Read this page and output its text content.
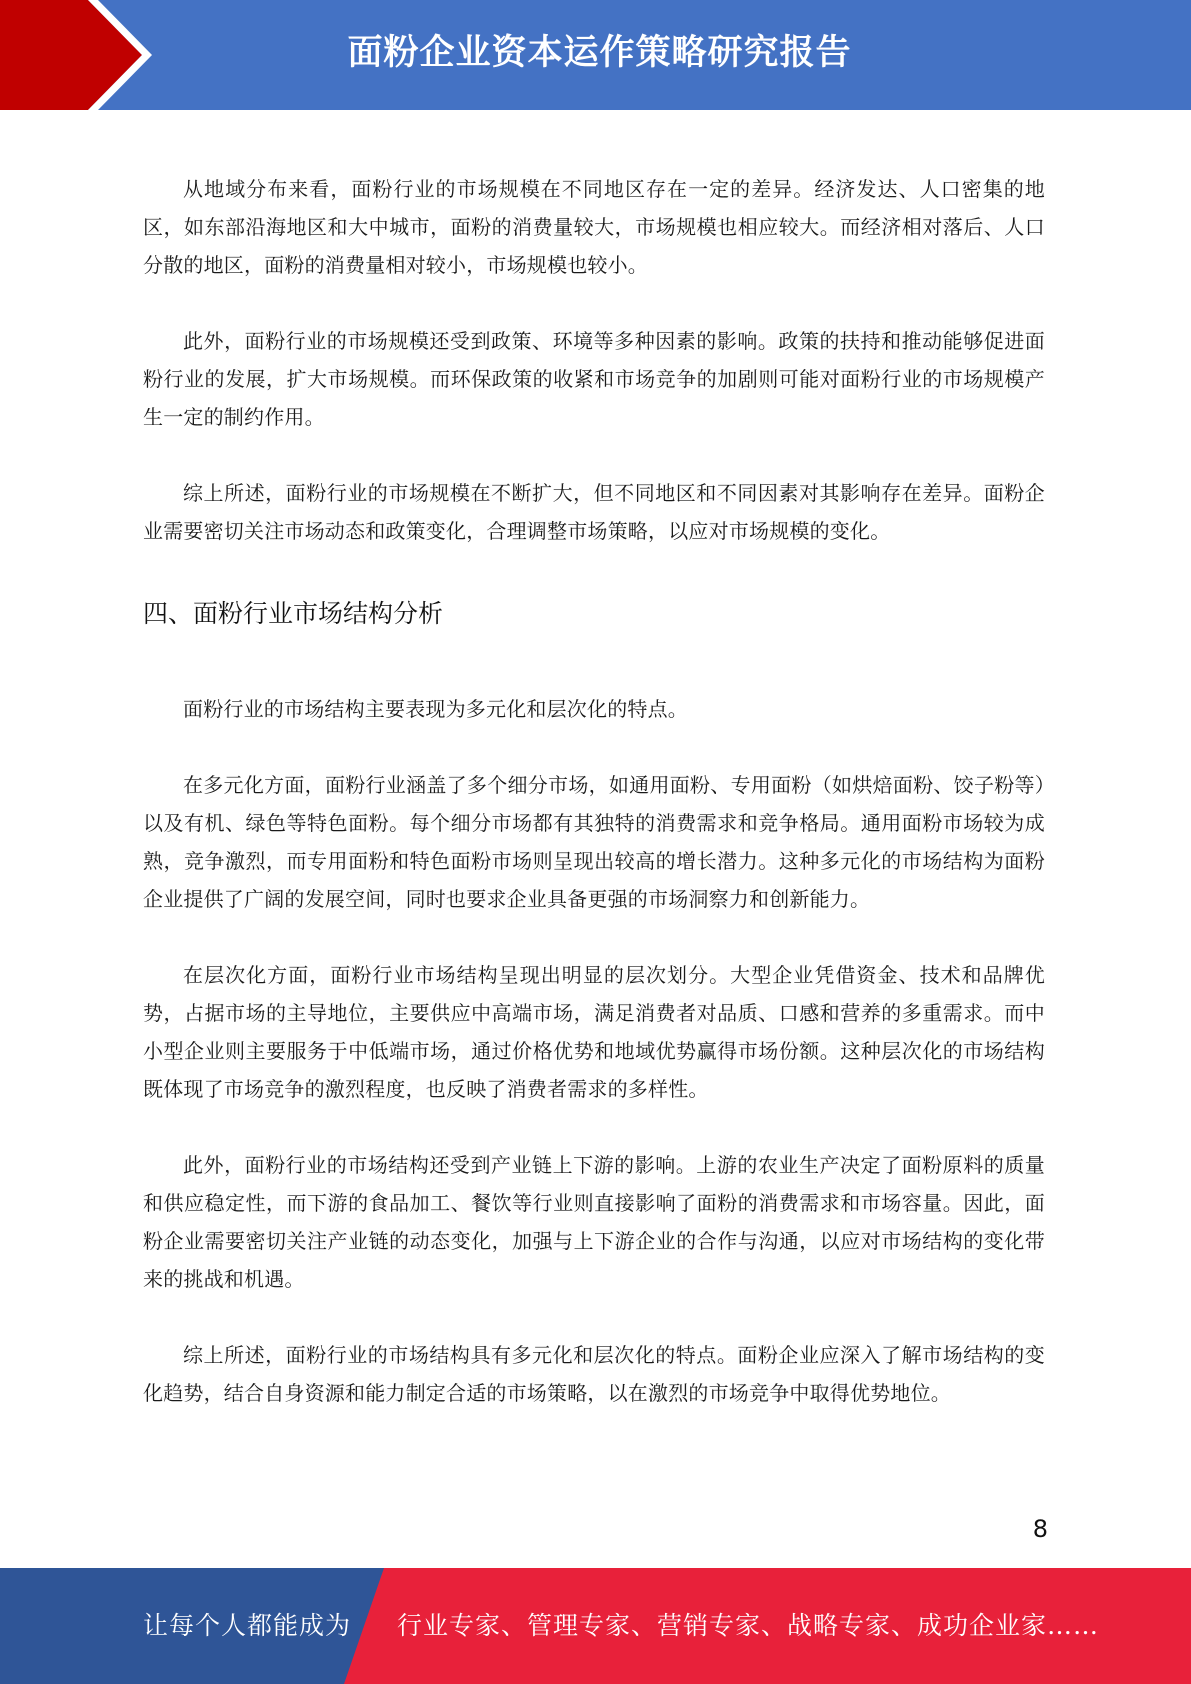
面粉企业资本运作策略研究报告

从地域分布来看，面粉行业的市场规模在不同地区存在一定的差异。经济发达、人口密集的地区，如东部沿海地区和大中城市，面粉的消费量较大，市场规模也相应较大。而经济相对落后、人口分散的地区，面粉的消费量相对较小，市场规模也较小。

此外，面粉行业的市场规模还受到政策、环境等多种因素的影响。政策的扶持和推动能够促进面粉行业的发展，扩大市场规模。而环保政策的收紧和市场竞争的加剧则可能对面粉行业的市场规模产生一定的制约作用。

综上所述，面粉行业的市场规模在不断扩大，但不同地区和不同因素对其影响存在差异。面粉企业需要密切关注市场动态和政策变化，合理调整市场策略，以应对市场规模的变化。

四、面粉行业市场结构分析

面粉行业的市场结构主要表现为多元化和层次化的特点。

在多元化方面，面粉行业涵盖了多个细分市场，如通用面粉、专用面粉（如烘焙面粉、饺子粉等）以及有机、绿色等特色面粉。每个细分市场都有其独特的消费需求和竞争格局。通用面粉市场较为成熟，竞争激烈，而专用面粉和特色面粉市场则呈现出较高的增长潜力。这种多元化的市场结构为面粉企业提供了广阔的发展空间，同时也要求企业具备更强的市场洞察力和创新能力。

在层次化方面，面粉行业市场结构呈现出明显的层次划分。大型企业凭借资金、技术和品牌优势，占据市场的主导地位，主要供应中高端市场，满足消费者对品质、口感和营养的多重需求。而中小型企业则主要服务于中低端市场，通过价格优势和地域优势赢得市场份额。这种层次化的市场结构既体现了市场竞争的激烈程度，也反映了消费者需求的多样性。

此外，面粉行业的市场结构还受到产业链上下游的影响。上游的农业生产决定了面粉原料的质量和供应稳定性，而下游的食品加工、餐饮等行业则直接影响了面粉的消费需求和市场容量。因此，面粉企业需要密切关注产业链的动态变化，加强与上下游企业的合作与沟通，以应对市场结构的变化带来的挑战和机遇。

综上所述，面粉行业的市场结构具有多元化和层次化的特点。面粉企业应深入了解市场结构的变化趋势，结合自身资源和能力制定合适的市场策略，以在激烈的市场竞争中取得优势地位。

8
让每个人都能成为 行业专家、管理专家、营销专家、战略专家、成功企业家……
